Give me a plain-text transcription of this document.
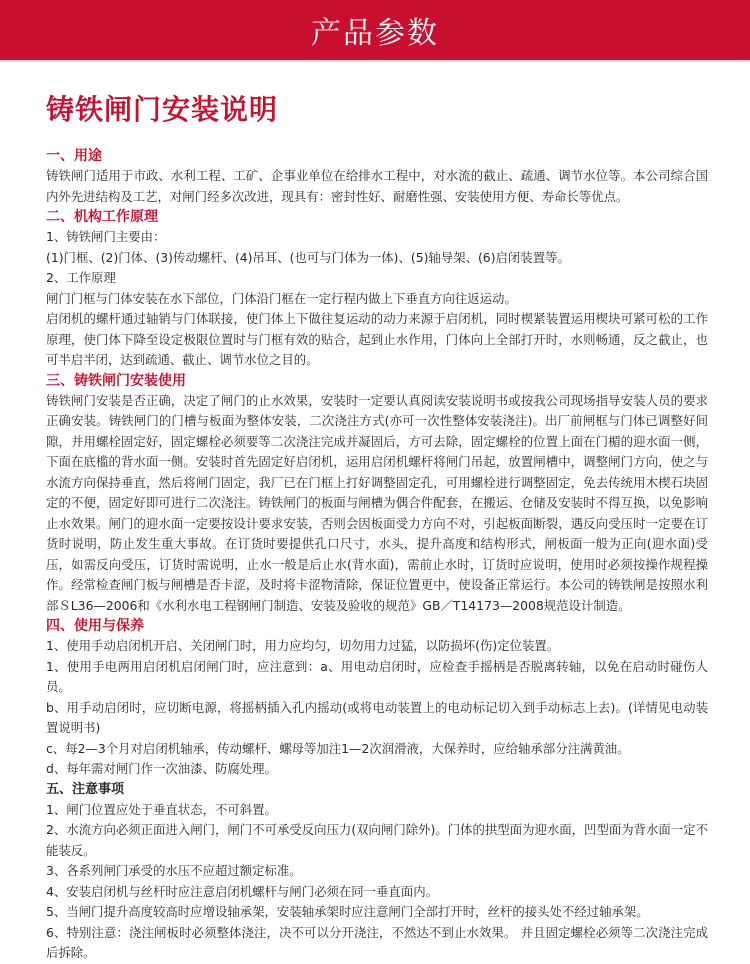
产品参数
铸铁闸门安装说明
一、用途

铸铁闸门适用于市政、水利工程、工矿、企事业单位在给排水工程中，对水流的截止、疏通、调节水位等。本公司综合国内外先进结构及工艺，对闸门经多次改进，现具有：密封性好、耐磨性强、安装使用方便、寿命长等优点。

二、机构工作原理

1、铸铁闸门主要由：

(1)门框、(2)门体、(3)传动螺杆、(4)吊耳、(也可与门体为一体)、(5)轴导架、(6)启闭装置等。

2、工作原理

闸门门框与门体安装在水下部位，门体沿门框在一定行程内做上下垂直方向往返运动。

启闭机的螺杆通过轴销与门体联接，使门体上下做往复运动的动力来源于启闭机，同时楔紧装置运用楔块可紧可松的工作原理，使门体下降至设定极限位置时与门框有效的贴合，起到止水作用，门体向上全部打开时，水则畅通，反之截止，也可半启半闭，达到疏通、截止、调节水位之目的。

三、铸铁闸门安装使用

铸铁闸门安装是否正确，决定了闸门的止水效果，安装时一定要认真阅读安装说明书或按我公司现场指导安装人员的要求正确安装。铸铁闸门的门槽与板面为整体安装，二次浇注方式(亦可一次性整体安装浇注)。出厂前闸框与门体已调整好间隙，并用螺栓固定好，固定螺栓必须要等二次浇注完成并凝固后，方可去除，固定螺栓的位置上面在门楣的迎水面一侧，下面在底槛的背水面一侧。安装时首先固定好启闭机，运用启闭机螺杆将闸门吊起，放置闸槽中，调整闸门方向，使之与水流方向保持垂直，然后将闸门固定，我厂已在门框上打好调整固定孔，可用螺栓进行调整固定，免去传统用木楔石块固定的不便，固定好即可进行二次浇注。铸铁闸门的板面与闸槽为偶合件配套，在搬运、仓储及安装时不得互换，以免影响止水效果。闸门的迎水面一定要按设计要求安装，否则会因板面受力方向不对，引起板面断裂，遇反向受压时一定要在订货时说明，防止发生重大事故。在订货时要提供孔口尺寸，水头，提升高度和结构形式，闸板面一般为正向(迎水面)受压，如需反向受压，订货时需说明，止水一般是后止水(背水面)，需前止水时，订货时应说明，使用时必须按操作规程操作。经常检查闸门板与闸槽是否卡涩，及时将卡涩物清除，保证位置更中，使设备正常运行。本公司的铸铁闸是按照水利部ＳL36—2006和《水利水电工程钢闸门制造、安装及验收的规范》GB／T14173—2008规范设计制造。

四、使用与保养

1、使用手动启闭机开启、关闭闸门时，用力应均匀，切勿用力过猛，以防损坏(伤)定位装置。

1、使用手电两用启闭机启闭闸门时，应注意到：a、用电动启闭时，应检查手摇柄是否脱离转轴，以免在启动时碰伤人员。

b、用手动启闭时，应切断电源，将摇柄插入孔内摇动(或将电动装置上的电动标记切入到手动标志上去)。(详情见电动装置说明书)

c、每2—3个月对启闭机轴承，传动螺杆、螺母等加注1—2次润滑液，大保养时，应给轴承部分注满黄油。

d、每年需对闸门作一次油漆、防腐处理。

五、注意事项

1、闸门位置应处于垂直状态，不可斜置。

2、水流方向必须正面进入闸门，闸门不可承受反向压力(双向闸门除外)。门体的拱型面为迎水面，凹型面为背水面一定不能装反。

3、各系列闸门承受的水压不应超过额定标准。

4、安装启闭机与丝杆时应注意启闭机螺杆与闸门必须在同一垂直面内。

5、当闸门提升高度较高时应增设轴承架，安装轴承架时应注意闸门全部打开时，丝杆的接头处不经过轴承架。

6、特别注意：浇注闸板时必须整体浇注，决不可以分开浇注，不然达不到止水效果。 并且固定螺栓必须等二次浇注完成后拆除。
